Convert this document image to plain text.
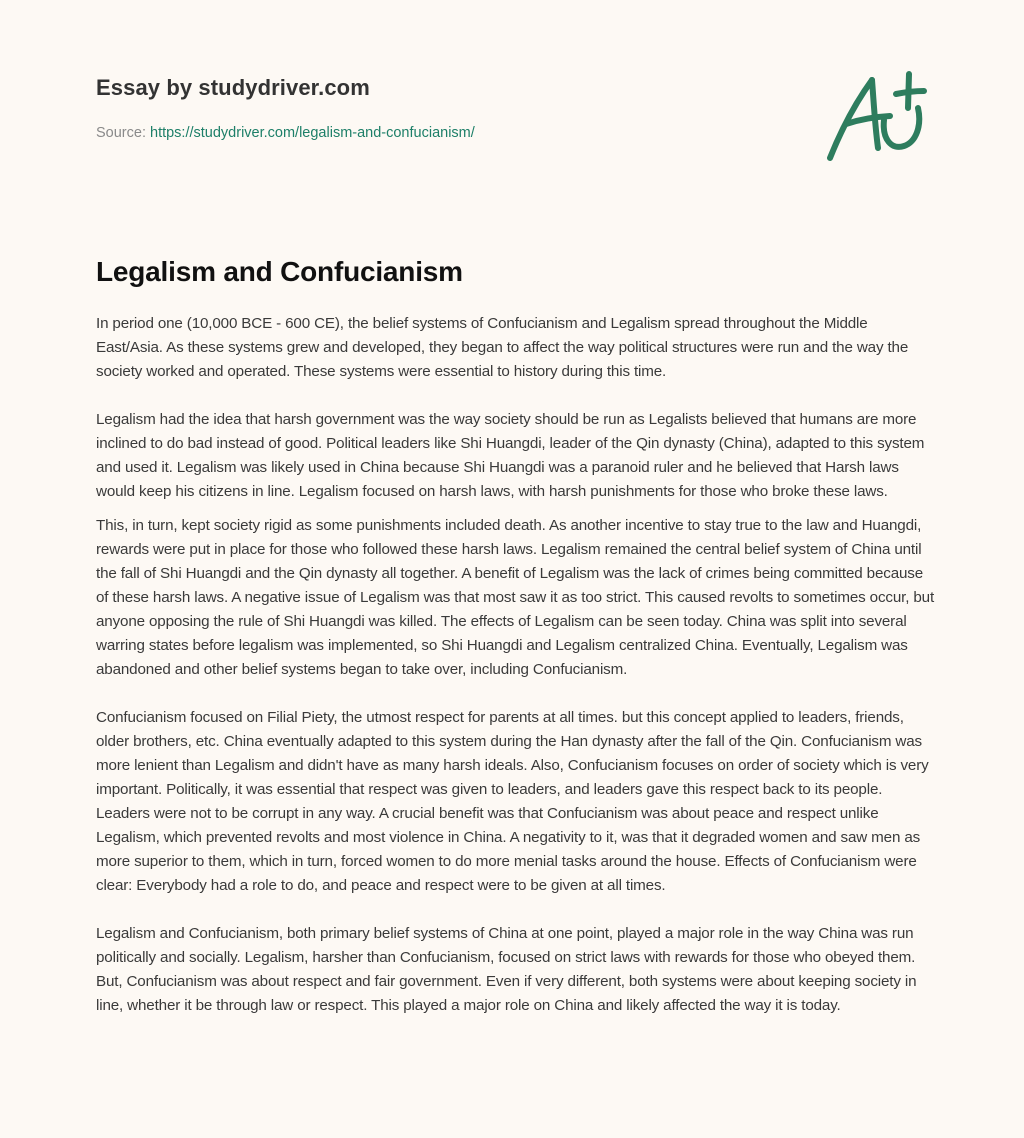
Essay by studydriver.com
Source: https://studydriver.com/legalism-and-confucianism/
Legalism and Confucianism

In period one (10,000 BCE - 600 CE), the belief systems of Confucianism and Legalism spread throughout the Middle East/Asia. As these systems grew and developed, they began to affect the way political structures were run and the way the society worked and operated. These systems were essential to history during this time.

Legalism had the idea that harsh government was the way society should be run as Legalists believed that humans are more inclined to do bad instead of good. Political leaders like Shi Huangdi, leader of the Qin dynasty (China), adapted to this system and used it. Legalism was likely used in China because Shi Huangdi was a paranoid ruler and he believed that Harsh laws would keep his citizens in line. Legalism focused on harsh laws, with harsh punishments for those who broke these laws.

This, in turn, kept society rigid as some punishments included death. As another incentive to stay true to the law and Huangdi, rewards were put in place for those who followed these harsh laws. Legalism remained the central belief system of China until the fall of Shi Huangdi and the Qin dynasty all together. A benefit of Legalism was the lack of crimes being committed because of these harsh laws. A negative issue of Legalism was that most saw it as too strict. This caused revolts to sometimes occur, but anyone opposing the rule of Shi Huangdi was killed. The effects of Legalism can be seen today. China was split into several warring states before legalism was implemented, so Shi Huangdi and Legalism centralized China. Eventually, Legalism was abandoned and other belief systems began to take over, including Confucianism.

Confucianism focused on Filial Piety, the utmost respect for parents at all times. but this concept applied to leaders, friends, older brothers, etc. China eventually adapted to this system during the Han dynasty after the fall of the Qin. Confucianism was more lenient than Legalism and didn't have as many harsh ideals. Also, Confucianism focuses on order of society which is very important. Politically, it was essential that respect was given to leaders, and leaders gave this respect back to its people. Leaders were not to be corrupt in any way. A crucial benefit was that Confucianism was about peace and respect unlike Legalism, which prevented revolts and most violence in China. A negativity to it, was that it degraded women and saw men as more superior to them, which in turn, forced women to do more menial tasks around the house. Effects of Confucianism were clear: Everybody had a role to do, and peace and respect were to be given at all times.

Legalism and Confucianism, both primary belief systems of China at one point, played a major role in the way China was run politically and socially. Legalism, harsher than Confucianism, focused on strict laws with rewards for those who obeyed them. But, Confucianism was about respect and fair government. Even if very different, both systems were about keeping society in line, whether it be through law or respect. This played a major role on China and likely affected the way it is today.
